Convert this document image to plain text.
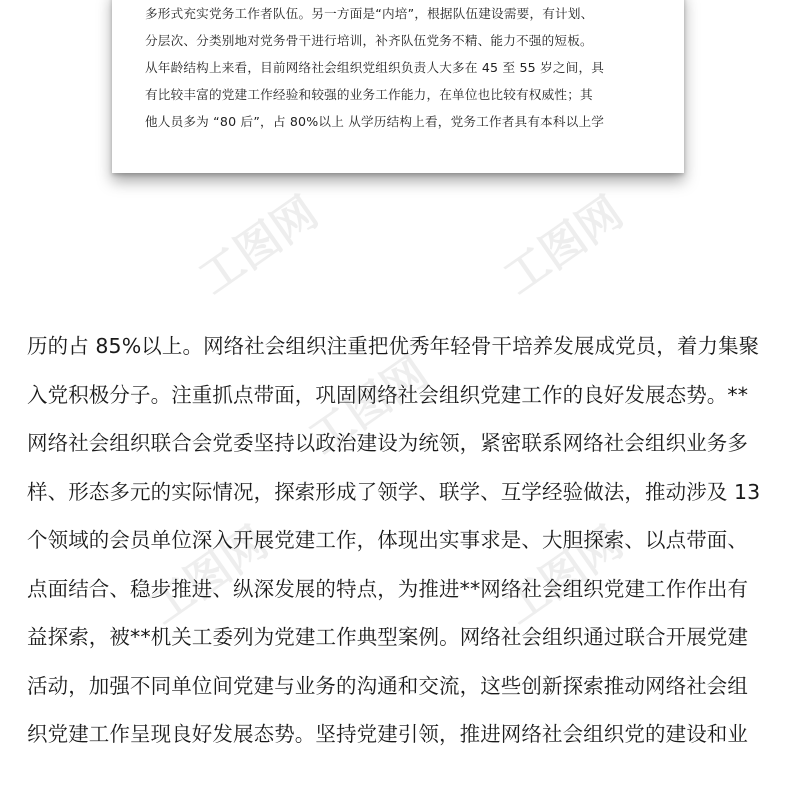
多形式充实党务工作者队伍。另一方面是“内培”，根据队伍建设需要，有计划、
分层次、分类别地对党务骨干进行培训，补齐队伍党务不精、能力不强的短板。
从年龄结构上来看，目前网络社会组织党组织负责人大多在 45 至 55 岁之间，具
有比较丰富的党建工作经验和较强的业务工作能力，在单位也比较有权威性；其
他人员多为 “80 后”，占 80%以上 从学历结构上看，党务工作者具有本科以上学
工图网	工图网
工图网
工图网	工图网
历的占 85%以上。网络社会组织注重把优秀年轻骨干培养发展成党员，着力集聚
入党积极分子。注重抓点带面，巩固网络社会组织党建工作的良好发展态势。**
网络社会组织联合会党委坚持以政治建设为统领，紧密联系网络社会组织业务多
样、形态多元的实际情况，探索形成了领学、联学、互学经验做法，推动涉及 13
个领域的会员单位深入开展党建工作，体现出实事求是、大胆探索、以点带面、
点面结合、稳步推进、纵深发展的特点，为推进**网络社会组织党建工作作出有
益探索，被**机关工委列为党建工作典型案例。网络社会组织通过联合开展党建
活动，加强不同单位间党建与业务的沟通和交流，这些创新探索推动网络社会组
织党建工作呈现良好发展态势。坚持党建引领，推进网络社会组织党的建设和业
